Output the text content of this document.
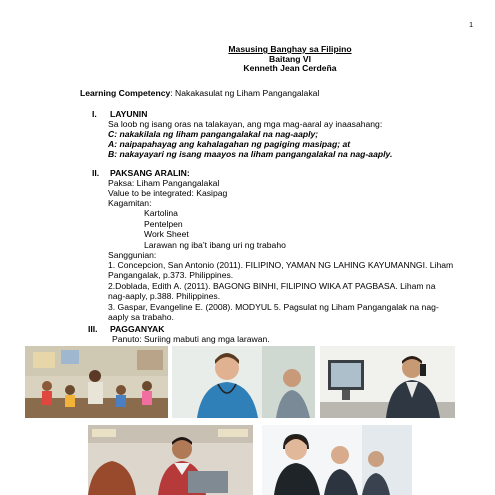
1
Masusing Banghay sa Filipino
Baitang VI
Kenneth Jean Cerdeña
Learning Competency: Nakakasulat ng Liham Pangangalakal
I. LAYUNIN
Sa loob ng isang oras na talakayan, ang mga mag-aaral ay inaasahang:
C: nakakilala ng liham pangangalakal na nag-aaply;
A: naipapahayag ang kahalagahan ng pagiging masipag; at
B: nakayayari ng isang maayos na liham pangangalakal na nag-aaply.
II. PAKSANG ARALIN:
Paksa: Liham Pangangalakal
Value to be integrated: Kasipag
Kagamitan:
Kartolina
Pentelpen
Work Sheet
Larawan ng iba’t ibang uri ng trabaho
Sanggunian:
1. Concepcion, San Antonio (2011). FILIPINO, YAMAN NG LAHING KAYUMANNGI. Liham
Pangangalak, p.373. Philippines.
2.Doblada, Edith A. (2011). BAGONG BINHI, FILIPINO WIKA AT PAGBASA. Liham na
nag-aaply, p.388. Philippines.
3. Gaspar, Evangeline E. (2008). MODYUL 5. Pagsulat ng Liham Pangangalak na nag-
aaply sa trabaho.
III. PAGGANYAK
Panuto: Suriing mabuti ang mga larawan.
